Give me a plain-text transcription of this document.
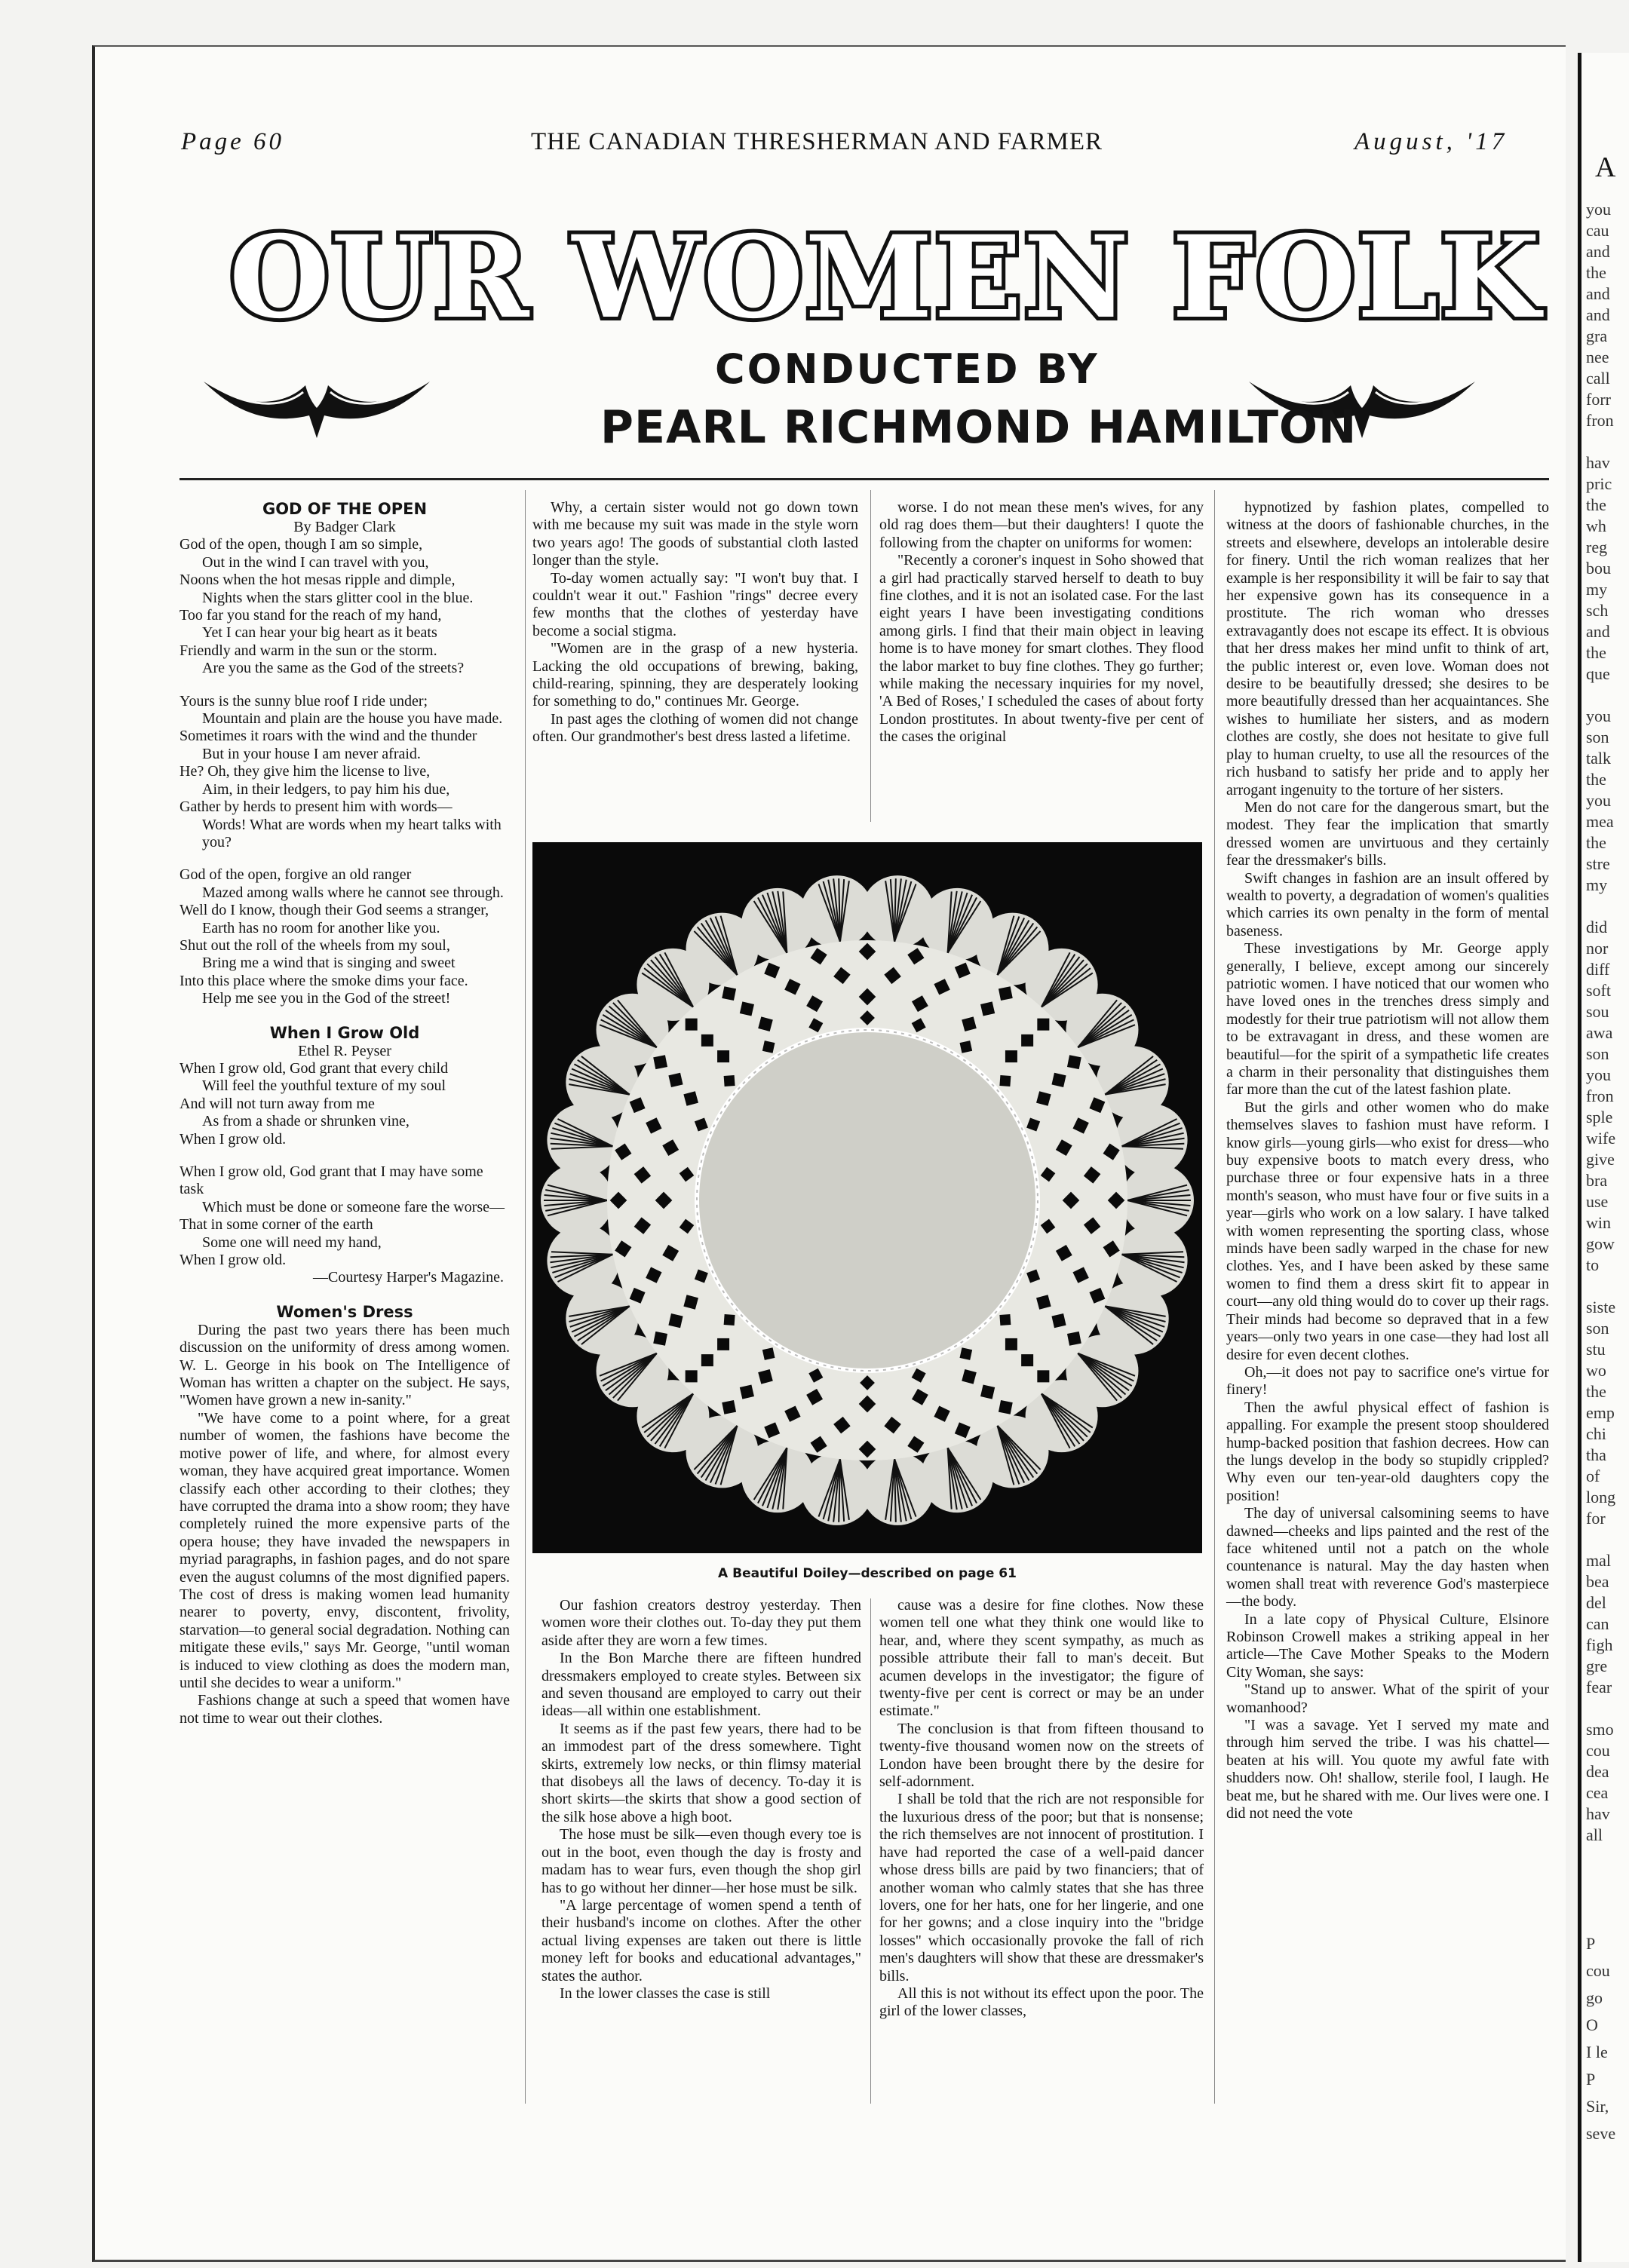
A
you
cau
and
the
and
and
gra
nee
call
forr
fron

hav
pric
the
wh
reg
bou
my
sch
and
the
que

you
son
talk
the
you
mea
the
stre
my

did
nor
diff
soft
sou
awa
son
you
fron
sple
wife
give
bra
use
win
gow
to

siste
son
stu
wo
the
emp
chi
tha
of
long
for

mal
bea
del
can
figh
gre
fear

smo
cou
dea
cea
hav
all
P
cou
go
O
I le
P
Sir,
seve
Page 60	THE CANADIAN THRESHERMAN AND FARMER	August, '17
OUR WOMEN FOLK
CONDUCTED BY
PEARL RICHMOND HAMILTON
GOD OF THE OPEN
By Badger Clark
God of the open, though I am so simple,
Out in the wind I can travel with you,
Noons when the hot mesas ripple and dimple,
Nights when the stars glitter cool in the blue.
Too far you stand for the reach of my hand,
Yet I can hear your big heart as it beats
Friendly and warm in the sun or the storm.
Are you the same as the God of the streets?
Yours is the sunny blue roof I ride under;
Mountain and plain are the house you have made.
Sometimes it roars with the wind and the thunder
But in your house I am never afraid.
He? Oh, they give him the license to live,
Aim, in their ledgers, to pay him his due,
Gather by herds to present him with words—
Words! What are words when my heart talks with you?
God of the open, forgive an old ranger
Mazed among walls where he cannot see through.
Well do I know, though their God seems a stranger,
Earth has no room for another like you.
Shut out the roll of the wheels from my soul,
Bring me a wind that is singing and sweet
Into this place where the smoke dims your face.
Help me see you in the God of the street!
When I Grow Old
Ethel R. Peyser
When I grow old, God grant that every child
Will feel the youthful texture of my soul
And will not turn away from me
As from a shade or shrunken vine,
When I grow old.
When I grow old, God grant that I may have some task
Which must be done or someone fare the worse—
That in some corner of the earth
Some one will need my hand,
When I grow old.
—Courtesy Harper's Magazine.
Women's Dress

During the past two years there has been much discussion on the uniformity of dress among women. W. L. George in his book on The Intelligence of Woman has written a chapter on the subject. He says, "Women have grown a new in-sanity."

"We have come to a point where, for a great number of women, the fashions have become the motive power of life, and where, for almost every woman, they have acquired great importance. Women classify each other according to their clothes; they have corrupted the drama into a show room; they have completely ruined the more expensive parts of the opera house; they have invaded the newspapers in myriad paragraphs, in fashion pages, and do not spare even the august columns of the most dignified papers. The cost of dress is making women lead humanity nearer to poverty, envy, discontent, frivolity, starvation—to general social degradation. Nothing can mitigate these evils," says Mr. George, "until woman is induced to view clothing as does the modern man, until she decides to wear a uniform."

Fashions change at such a speed that women have not time to wear out their clothes.

Why, a certain sister would not go down town with me because my suit was made in the style worn two years ago! The goods of substantial cloth lasted longer than the style.

To-day women actually say: "I won't buy that. I couldn't wear it out." Fashion "rings" decree every few months that the clothes of yesterday have become a social stigma.

"Women are in the grasp of a new hysteria. Lacking the old occupations of brewing, baking, child-rearing, spinning, they are desperately looking for something to do," continues Mr. George.

In past ages the clothing of women did not change often. Our grandmother's best dress lasted a lifetime.

worse. I do not mean these men's wives, for any old rag does them—but their daughters! I quote the following from the chapter on uniforms for women:

"Recently a coroner's inquest in Soho showed that a girl had practically starved herself to death to buy fine clothes, and it is not an isolated case. For the last eight years I have been investigating conditions among girls. I find that their main object in leaving home is to have money for smart clothes. They flood the labor market to buy fine clothes. They go further; while making the necessary inquiries for my novel, 'A Bed of Roses,' I scheduled the cases of about forty London prostitutes. In about twenty-five per cent of the cases the original

A Beautiful Doiley—described on page 61

Our fashion creators destroy yesterday. Then women wore their clothes out. To-day they put them aside after they are worn a few times.

In the Bon Marche there are fifteen hundred dressmakers employed to create styles. Between six and seven thousand are employed to carry out their ideas—all within one establishment.

It seems as if the past few years, there had to be an immodest part of the dress somewhere. Tight skirts, extremely low necks, or thin flimsy material that disobeys all the laws of decency. To-day it is short skirts—the skirts that show a good section of the silk hose above a high boot.

The hose must be silk—even though every toe is out in the boot, even though the day is frosty and madam has to wear furs, even though the shop girl has to go without her dinner—her hose must be silk.

"A large percentage of women spend a tenth of their husband's income on clothes. After the other actual living expenses are taken out there is little money left for books and educational advantages," states the author.

In the lower classes the case is still

cause was a desire for fine clothes. Now these women tell one what they think one would like to hear, and, where they scent sympathy, as much as possible attribute their fall to man's deceit. But acumen develops in the investigator; the figure of twenty-five per cent is correct or may be an under estimate."

The conclusion is that from fifteen thousand to twenty-five thousand women now on the streets of London have been brought there by the desire for self-adornment.

I shall be told that the rich are not responsible for the luxurious dress of the poor; but that is nonsense; the rich themselves are not innocent of prostitution. I have had reported the case of a well-paid dancer whose dress bills are paid by two financiers; that of another woman who calmly states that she has three lovers, one for her hats, one for her lingerie, and one for her gowns; and a close inquiry into the "bridge losses" which occasionally provoke the fall of rich men's daughters will show that these are dressmaker's bills.

All this is not without its effect upon the poor. The girl of the lower classes,

hypnotized by fashion plates, compelled to witness at the doors of fashionable churches, in the streets and elsewhere, develops an intolerable desire for finery. Until the rich woman realizes that her example is her responsibility it will be fair to say that her expensive gown has its consequence in a prostitute. The rich woman who dresses extravagantly does not escape its effect. It is obvious that her dress makes her mind unfit to think of art, the public interest or, even love. Woman does not desire to be beautifully dressed; she desires to be more beautifully dressed than her acquaintances. She wishes to humiliate her sisters, and as modern clothes are costly, she does not hesitate to give full play to human cruelty, to use all the resources of the rich husband to satisfy her pride and to apply her arrogant ingenuity to the torture of her sisters.

Men do not care for the dangerous smart, but the modest. They fear the implication that smartly dressed women are unvirtuous and they certainly fear the dressmaker's bills.

Swift changes in fashion are an insult offered by wealth to poverty, a degradation of women's qualities which carries its own penalty in the form of mental baseness.

These investigations by Mr. George apply generally, I believe, except among our sincerely patriotic women. I have noticed that our women who have loved ones in the trenches dress simply and modestly for their true patriotism will not allow them to be extravagant in dress, and these women are beautiful—for the spirit of a sympathetic life creates a charm in their personality that distinguishes them far more than the cut of the latest fashion plate.

But the girls and other women who do make themselves slaves to fashion must have reform. I know girls—young girls—who exist for dress—who buy expensive boots to match every dress, who purchase three or four expensive hats in a three month's season, who must have four or five suits in a year—girls who work on a low salary. I have talked with women representing the sporting class, whose minds have been sadly warped in the chase for new clothes. Yes, and I have been asked by these same women to find them a dress skirt fit to appear in court—any old thing would do to cover up their rags. Their minds had become so depraved that in a few years—only two years in one case—they had lost all desire for even decent clothes.

Oh,—it does not pay to sacrifice one's virtue for finery!

Then the awful physical effect of fashion is appalling. For example the present stoop shouldered hump-backed position that fashion decrees. How can the lungs develop in the body so stupidly crippled? Why even our ten-year-old daughters copy the position!

The day of universal calsomining seems to have dawned—cheeks and lips painted and the rest of the face whitened until not a patch on the whole countenance is natural. May the day hasten when women shall treat with reverence God's masterpiece—the body.

In a late copy of Physical Culture, Elsinore Robinson Crowell makes a striking appeal in her article—The Cave Mother Speaks to the Modern City Woman, she says:

"Stand up to answer. What of the spirit of your womanhood?

"I was a savage. Yet I served my mate and through him served the tribe. I was his chattel—beaten at his will. You quote my awful fate with shudders now. Oh! shallow, sterile fool, I laugh. He beat me, but he shared with me. Our lives were one. I did not need the vote
